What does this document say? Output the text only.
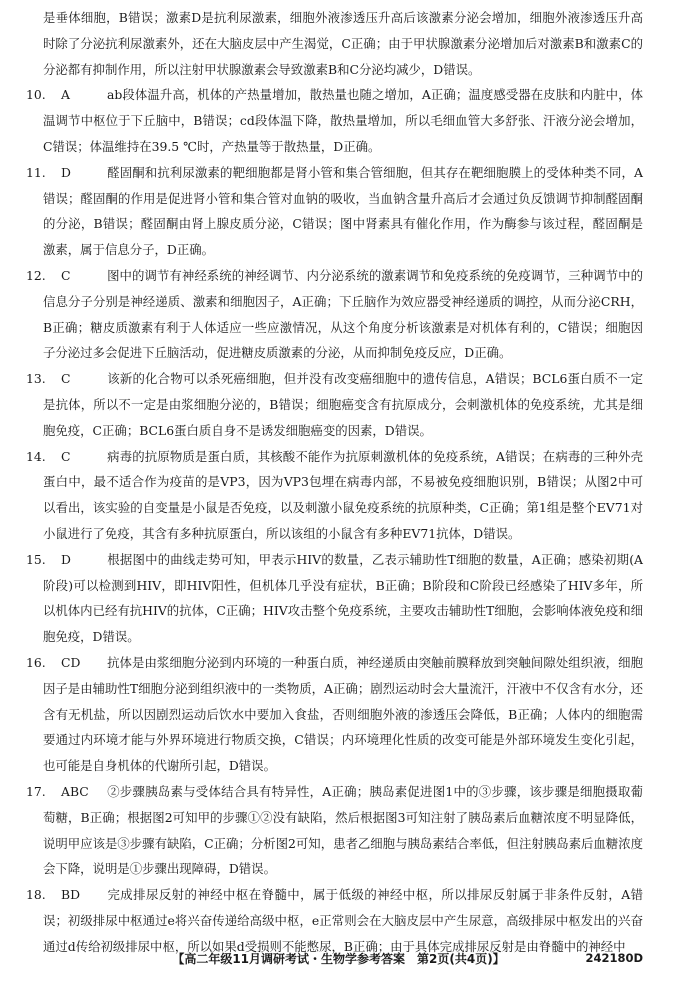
是垂体细胞，B错误；激素D是抗利尿激素，细胞外液渗透压升高后该激素分泌会增加，细胞外液渗透压升高时除了分泌抗利尿激素外，还在大脑皮层中产生渴觉，C正确；由于甲状腺激素分泌增加后对激素B和激素C的分泌都有抑制作用，所以注射甲状腺激素会导致激素B和C分泌均减少，D错误。

10.	A	ab段体温升高，机体的产热量增加，散热量也随之增加，A正确；温度感受器在皮肤和内脏中，体温调节中枢位于下丘脑中，B错误；cd段体温下降，散热量增加，所以毛细血管大多舒张、汗液分泌会增加，C错误；体温维持在39.5 ℃时，产热量等于散热量，D正确。

11.	D	醛固酮和抗利尿激素的靶细胞都是肾小管和集合管细胞，但其存在靶细胞膜上的受体种类不同，A错误；醛固酮的作用是促进肾小管和集合管对血钠的吸收，当血钠含量升高后才会通过负反馈调节抑制醛固酮的分泌，B错误；醛固酮由肾上腺皮质分泌，C错误；图中肾素具有催化作用，作为酶参与该过程，醛固酮是激素，属于信息分子，D正确。

12.	C	图中的调节有神经系统的神经调节、内分泌系统的激素调节和免疫系统的免疫调节，三种调节中的信息分子分别是神经递质、激素和细胞因子，A正确；下丘脑作为效应器受神经递质的调控，从而分泌CRH，B正确；糖皮质激素有利于人体适应一些应激情况，从这个角度分析该激素是对机体有利的，C错误；细胞因子分泌过多会促进下丘脑活动，促进糖皮质激素的分泌，从而抑制免疫反应，D正确。

13.	C	该新的化合物可以杀死癌细胞，但并没有改变癌细胞中的遗传信息，A错误；BCL6蛋白质不一定是抗体，所以不一定是由浆细胞分泌的，B错误；细胞癌变含有抗原成分，会刺激机体的免疫系统，尤其是细胞免疫，C正确；BCL6蛋白质自身不是诱发细胞癌变的因素，D错误。

14.	C	病毒的抗原物质是蛋白质，其核酸不能作为抗原刺激机体的免疫系统，A错误；在病毒的三种外壳蛋白中，最不适合作为疫苗的是VP3，因为VP3包埋在病毒内部，不易被免疫细胞识别，B错误；从图2中可以看出，该实验的自变量是小鼠是否免疫，以及刺激小鼠免疫系统的抗原种类，C正确；第1组是整个EV71对小鼠进行了免疫，其含有多种抗原蛋白，所以该组的小鼠含有多种EV71抗体，D错误。

15.	D	根据图中的曲线走势可知，甲表示HIV的数量，乙表示辅助性T细胞的数量，A正确；感染初期(A阶段)可以检测到HIV，即HIV阳性，但机体几乎没有症状，B正确；B阶段和C阶段已经感染了HIV多年，所以机体内已经有抗HIV的抗体，C正确；HIV攻击整个免疫系统，主要攻击辅助性T细胞，会影响体液免疫和细胞免疫，D错误。

16.	CD 抗体是由浆细胞分泌到内环境的一种蛋白质，神经递质由突触前膜释放到突触间隙处组织液，细胞因子是由辅助性T细胞分泌到组织液中的一类物质，A正确；剧烈运动时会大量流汗，汗液中不仅含有水分，还含有无机盐，所以因剧烈运动后饮水中要加入食盐，否则细胞外液的渗透压会降低，B正确；人体内的细胞需要通过内环境才能与外界环境进行物质交换，C错误；内环境理化性质的改变可能是外部环境发生变化引起，也可能是自身机体的代谢所引起，D错误。

17.	ABC ②步骤胰岛素与受体结合具有特异性，A正确；胰岛素促进图1中的③步骤，该步骤是细胞摄取葡萄糖，B正确；根据图2可知甲的步骤①②没有缺陷，然后根据图3可知注射了胰岛素后血糖浓度不明显降低，说明甲应该是③步骤有缺陷，C正确；分析图2可知，患者乙细胞与胰岛素结合率低，但注射胰岛素后血糖浓度会下降，说明是①步骤出现障碍，D错误。

18.	BD 完成排尿反射的神经中枢在脊髓中，属于低级的神经中枢，所以排尿反射属于非条件反射，A错误；初级排尿中枢通过e将兴奋传递给高级中枢，e正常则会在大脑皮层中产生尿意，高级排尿中枢发出的兴奋通过d传给初级排尿中枢，所以如果d受损则不能憋尿，B正确；由于具体完成排尿反射是由脊髓中的神经中

【高二年级11月调研考试・生物学参考答案　第2页(共4页)】	242180D
